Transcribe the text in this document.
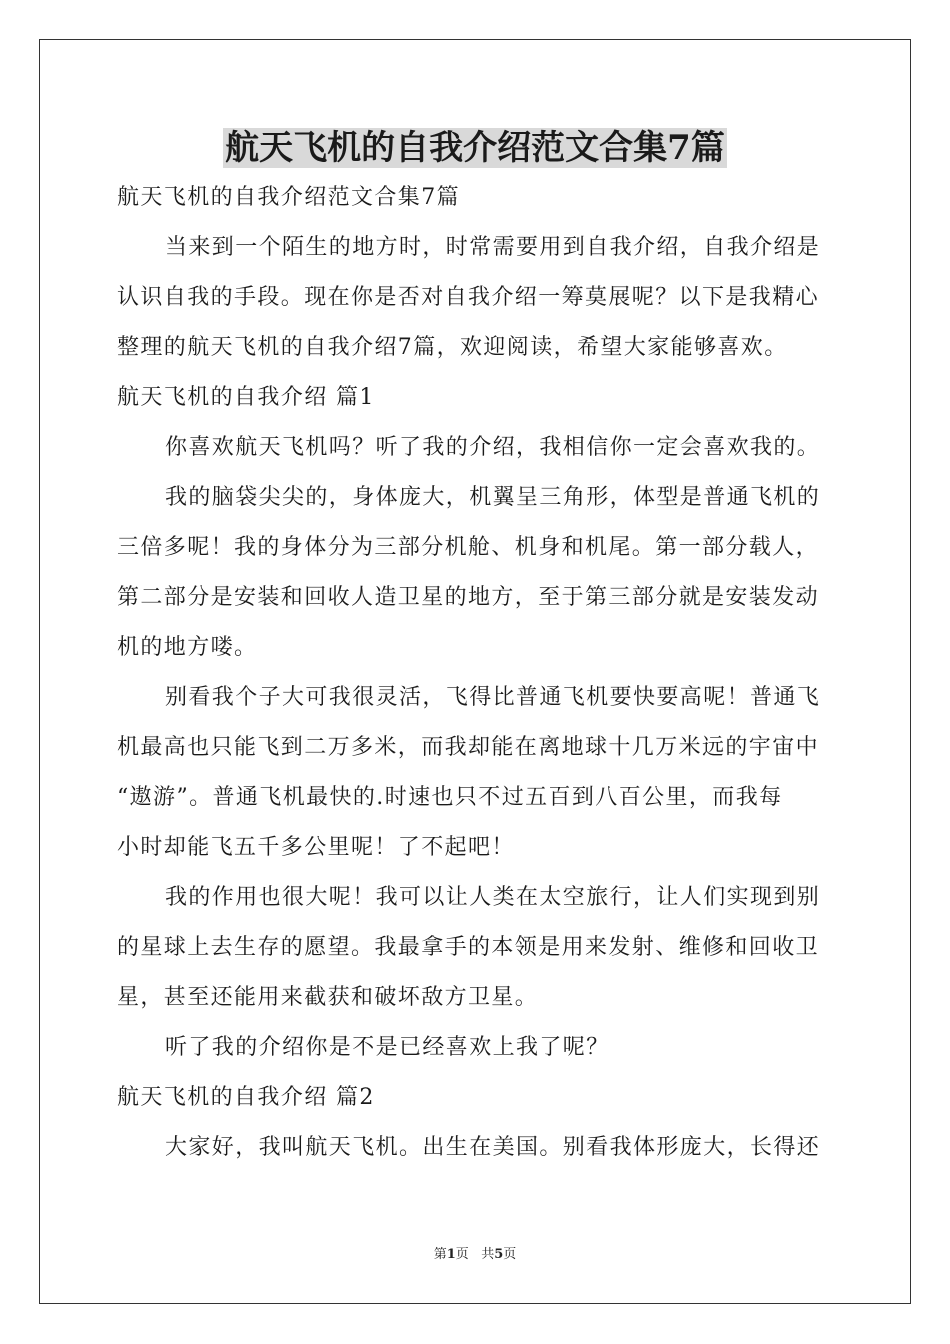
航天飞机的自我介绍范文合集7篇

航天飞机的自我介绍范文合集7篇

当来到一个陌生的地方时，时常需要用到自我介绍，自我介绍是

认识自我的手段。现在你是否对自我介绍一筹莫展呢？以下是我精心

整理的航天飞机的自我介绍7篇，欢迎阅读，希望大家能够喜欢。

航天飞机的自我介绍 篇1

你喜欢航天飞机吗？听了我的介绍，我相信你一定会喜欢我的。

我的脑袋尖尖的，身体庞大，机翼呈三角形，体型是普通飞机的

三倍多呢！我的身体分为三部分机舱、机身和机尾。第一部分载人，

第二部分是安装和回收人造卫星的地方，至于第三部分就是安装发动

机的地方喽。

别看我个子大可我很灵活，飞得比普通飞机要快要高呢！普通飞

机最高也只能飞到二万多米，而我却能在离地球十几万米远的宇宙中

“遨游”。普通飞机最快的.时速也只不过五百到八百公里，而我每

小时却能飞五千多公里呢！了不起吧！

我的作用也很大呢！我可以让人类在太空旅行，让人们实现到别

的星球上去生存的愿望。我最拿手的本领是用来发射、维修和回收卫

星，甚至还能用来截获和破坏敌方卫星。

听了我的介绍你是不是已经喜欢上我了呢？

航天飞机的自我介绍 篇2

大家好，我叫航天飞机。出生在美国。别看我体形庞大，长得还

第1页 共5页
